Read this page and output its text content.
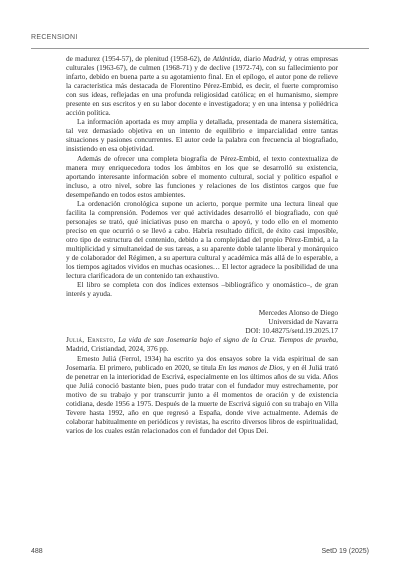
RECENSIONI

de madurez (1954-57), de plenitud (1958-62), de Atlántida, diario Madrid, y otras empresas culturales (1963-67), de culmen (1968-71) y de declive (1972-74), con su fallecimiento por infarto, debido en buena parte a su agotamiento final. En el epílogo, el autor pone de relieve la característica más destacada de Florentino Pérez-Embid, es decir, el fuerte compromiso con sus ideas, reflejadas en una profunda religiosidad católica; en el humanismo, siempre presente en sus escritos y en su labor docente e investigadora; y en una intensa y poliédrica acción política.

La información aportada es muy amplia y detallada, presentada de manera sistemática, tal vez demasiado objetiva en un intento de equilibrio e imparcialidad entre tantas situaciones y pasiones concurrentes. El autor cede la palabra con frecuencia al biografiado, insistiendo en esa objetividad.

Además de ofrecer una completa biografía de Pérez-Embid, el texto contextualiza de manera muy enriquecedora todos los ámbitos en los que se desarrolló su existencia, aportando interesante información sobre el momento cultural, social y político español e incluso, a otro nivel, sobre las funciones y relaciones de los distintos cargos que fue desempeñando en todos estos ambientes.

La ordenación cronológica supone un acierto, porque permite una lectura lineal que facilita la comprensión. Podemos ver qué actividades desarrolló el biografiado, con qué personajes se trató, qué iniciativas puso en marcha o apoyó, y todo ello en el momento preciso en que ocurrió o se llevó a cabo. Habría resultado difícil, de éxito casi imposible, otro tipo de estructura del contenido, debido a la complejidad del propio Pérez-Embid, a la multiplicidad y simultaneidad de sus tareas, a su aparente doble talante liberal y monárquico y de colaborador del Régimen, a su apertura cultural y académica más allá de lo esperable, a los tiempos agitados vividos en muchas ocasiones… El lector agradece la posibilidad de una lectura clarificadora de un contenido tan exhaustivo.

El libro se completa con dos índices extensos –bibliográfico y onomástico–, de gran interés y ayuda.

Mercedes Alonso de Diego

Universidad de Navarra

DOI: 10.48275/setd.19.2025.17

Juliá, Ernesto, La vida de san Josemaría bajo el signo de la Cruz. Tiempos de prueba, Madrid, Cristiandad, 2024, 376 pp.

Ernesto Juliá (Ferrol, 1934) ha escrito ya dos ensayos sobre la vida espiritual de san Josemaría. El primero, publicado en 2020, se titula En las manos de Dios, y en él Juliá trató de penetrar en la interioridad de Escrivá, especialmente en los últimos años de su vida. Años que Juliá conoció bastante bien, pues pudo tratar con el fundador muy estrechamente, por motivo de su trabajo y por transcurrir junto a él momentos de oración y de existencia cotidiana, desde 1956 a 1975. Después de la muerte de Escrivá siguió con su trabajo en Villa Tevere hasta 1992, año en que regresó a España, donde vive actualmente. Además de colaborar habitualmente en periódicos y revistas, ha escrito diversos libros de espiritualidad, varios de los cuales están relacionados con el fundador del Opus Dei.

488	SetD 19 (2025)
